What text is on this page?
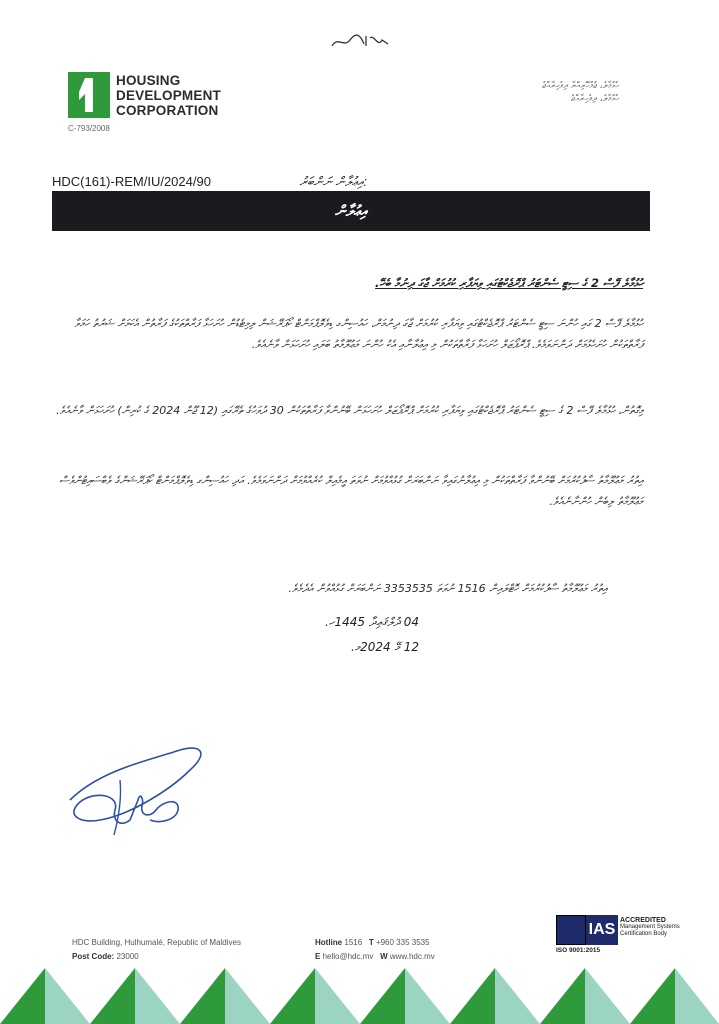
HOUSING
DEVELOPMENT
CORPORATION
C-793/2008
ހުޅުމާލެ، ޖުމްހޫރިއްޔާ ދިވެހިރާއްޖެ
ހުޅުމާލެ، ދިވެހިރާއްޖެ
HDC(161)-REM/IU/2024/90	އިޢުލާން ނަންބަރު:
އިޢުލާން
ހުޅުމާލެ ފޭސް 2 ގެ ސިޓީ ސެންޓަރު ޕްރޮޖެކްޓުގައި ވިޔަފާރި ކުރުމަށް ޖާގަ ދިނުމާ ބެހޭ.
ހުޅުމާލެ ފޭސް 2 ގައި ހުންނަ ސިޓީ ސެންޓަރު ޕްރޮޖެކްޓުގައި ވިޔަފާރި ކުރުމަށް ޖާގަ ދިނުމަށް، ހައުސިންގ ޑިވެލޮޕްމަންޓް ކޯޕަރޭޝަން ލިމިޓެޑުން ހުށަހަޅާ ފަރާތްތަކުގެ ފަރާތުން އެކަމަށް ޝަރުތު ހަމަވާ ފަރާތްތަކުން ހުށަހެޅުމަށް ދަންނަވަމެވެ. ޕްރޮޕޯޒަލް ހުށަހަޅާ ފަރާތްތަކުން މި އިޢުލާނާއި އެކު ހުންނަ މަޢުލޫމާތު ބަލައި ހުށަހަޅަން ވާނެއެވެ.
މިގޮތުން، ހުޅުމާލެ ފޭސް 2 ގެ ސިޓީ ސެންޓަރު ޕްރޮޖެކްޓުގައި ވިޔަފާރި ކުރުމަށް ޕްރޮޕޯޒަލް ހުށަހަޅަން ބޭނުންވާ ފަރާތްތަކުން 30 ދުވަހުގެ ތެރޭގައި (12 ޖޫން 2024 ގެ ކުރިން) ހުށަހަޅަން ވާނެއެވެ.
އިތުރު މަޢުލޫމާތު ސާފުކުރުމަށް ބޭނުންވާ ފަރާތްތަކުން މި އިޢުލާނުގައިވާ ނަންބަރަށް ގުޅުއްވުމަށް ނުވަތަ އީމެއިލް ކުރެއްވުމަށް ދަންނަވަމެވެ. އަދި ހައުސިންގ ޑިވެލޮޕްމަންޓް ކޯޕަރޭޝަންގެ ވެބްސައިޓުންވެސް މަޢުލޫމާތު ލިބެން ހުންނާނެއެވެ.
އިތުރު މަޢުލޫމާތު ސާފުކުރުމަށް ހޮޓްލައިން 1516 ނުވަތަ 3353535 ނަންބަރަށް ގުޅުއްވުން އެދެމެވެ.
04 ޛުލްޤަޢިދާ 1445ހ.
12 މޭ 2024މ.
HDC Building, Hulhumalé, Republic of Maldives
Post Code: 23000
Hotline 1516 T +960 335 3535
E hello@hdc.mv W www.hdc.mv
IAS
ACCREDITED
Management Systems
Certification Body
ISO 9001:2015
